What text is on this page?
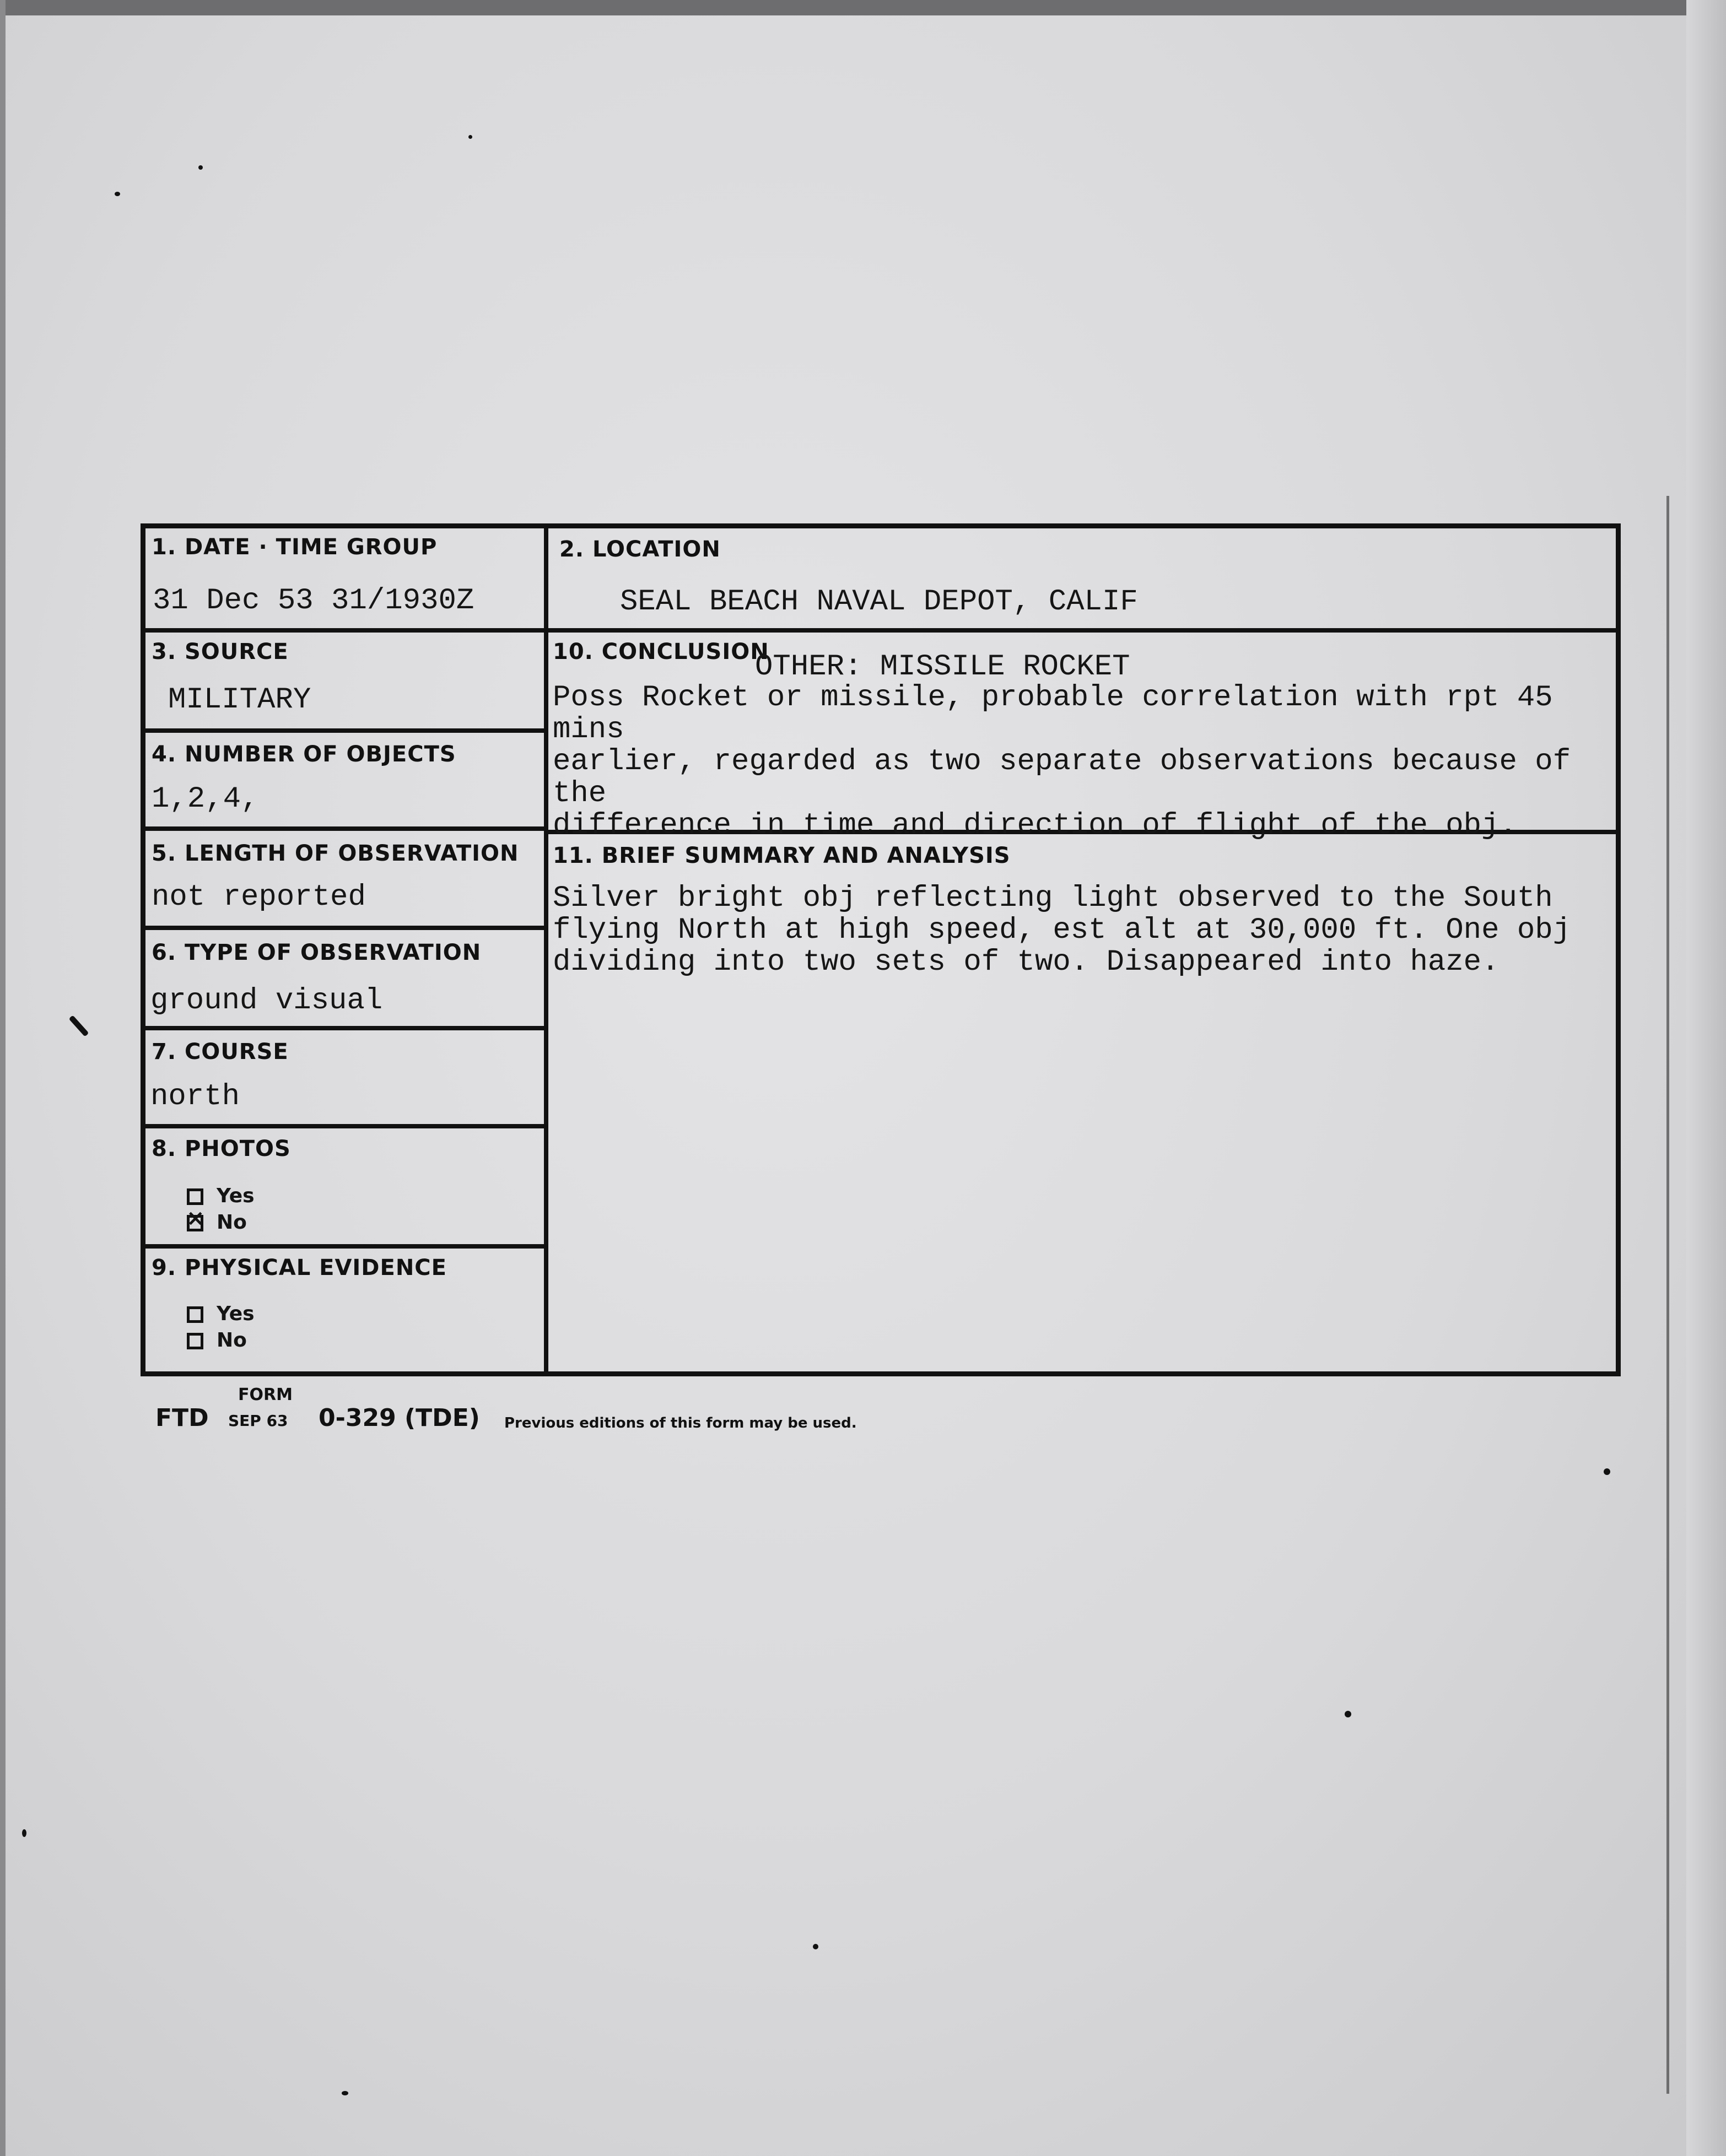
1. DATE · TIME GROUP
31 Dec 53 31/1930Z
2. LOCATION
SEAL BEACH NAVAL DEPOT, CALIF
3. SOURCE
MILITARY
10. CONCLUSION
OTHER: MISSILE ROCKET
Poss Rocket or missile, probable correlation with rpt 45 mins
earlier, regarded as two separate observations because of the
difference in time and direction of flight of the obj.
4. NUMBER OF OBJECTS
1,2,4,
5. LENGTH OF OBSERVATION
not reported
11. BRIEF SUMMARY AND ANALYSIS
Silver bright obj reflecting light observed to the South
flying North at high speed, est alt at 30,000 ft. One obj
dividing into two sets of two. Disappeared into haze.
6. TYPE OF OBSERVATION
ground visual
7. COURSE
north
8. PHOTOS
Yes
×No
9. PHYSICAL EVIDENCE
Yes
No
FORM
FTD SEP 63 0-329 (TDE) Previous editions of this form may be used.
